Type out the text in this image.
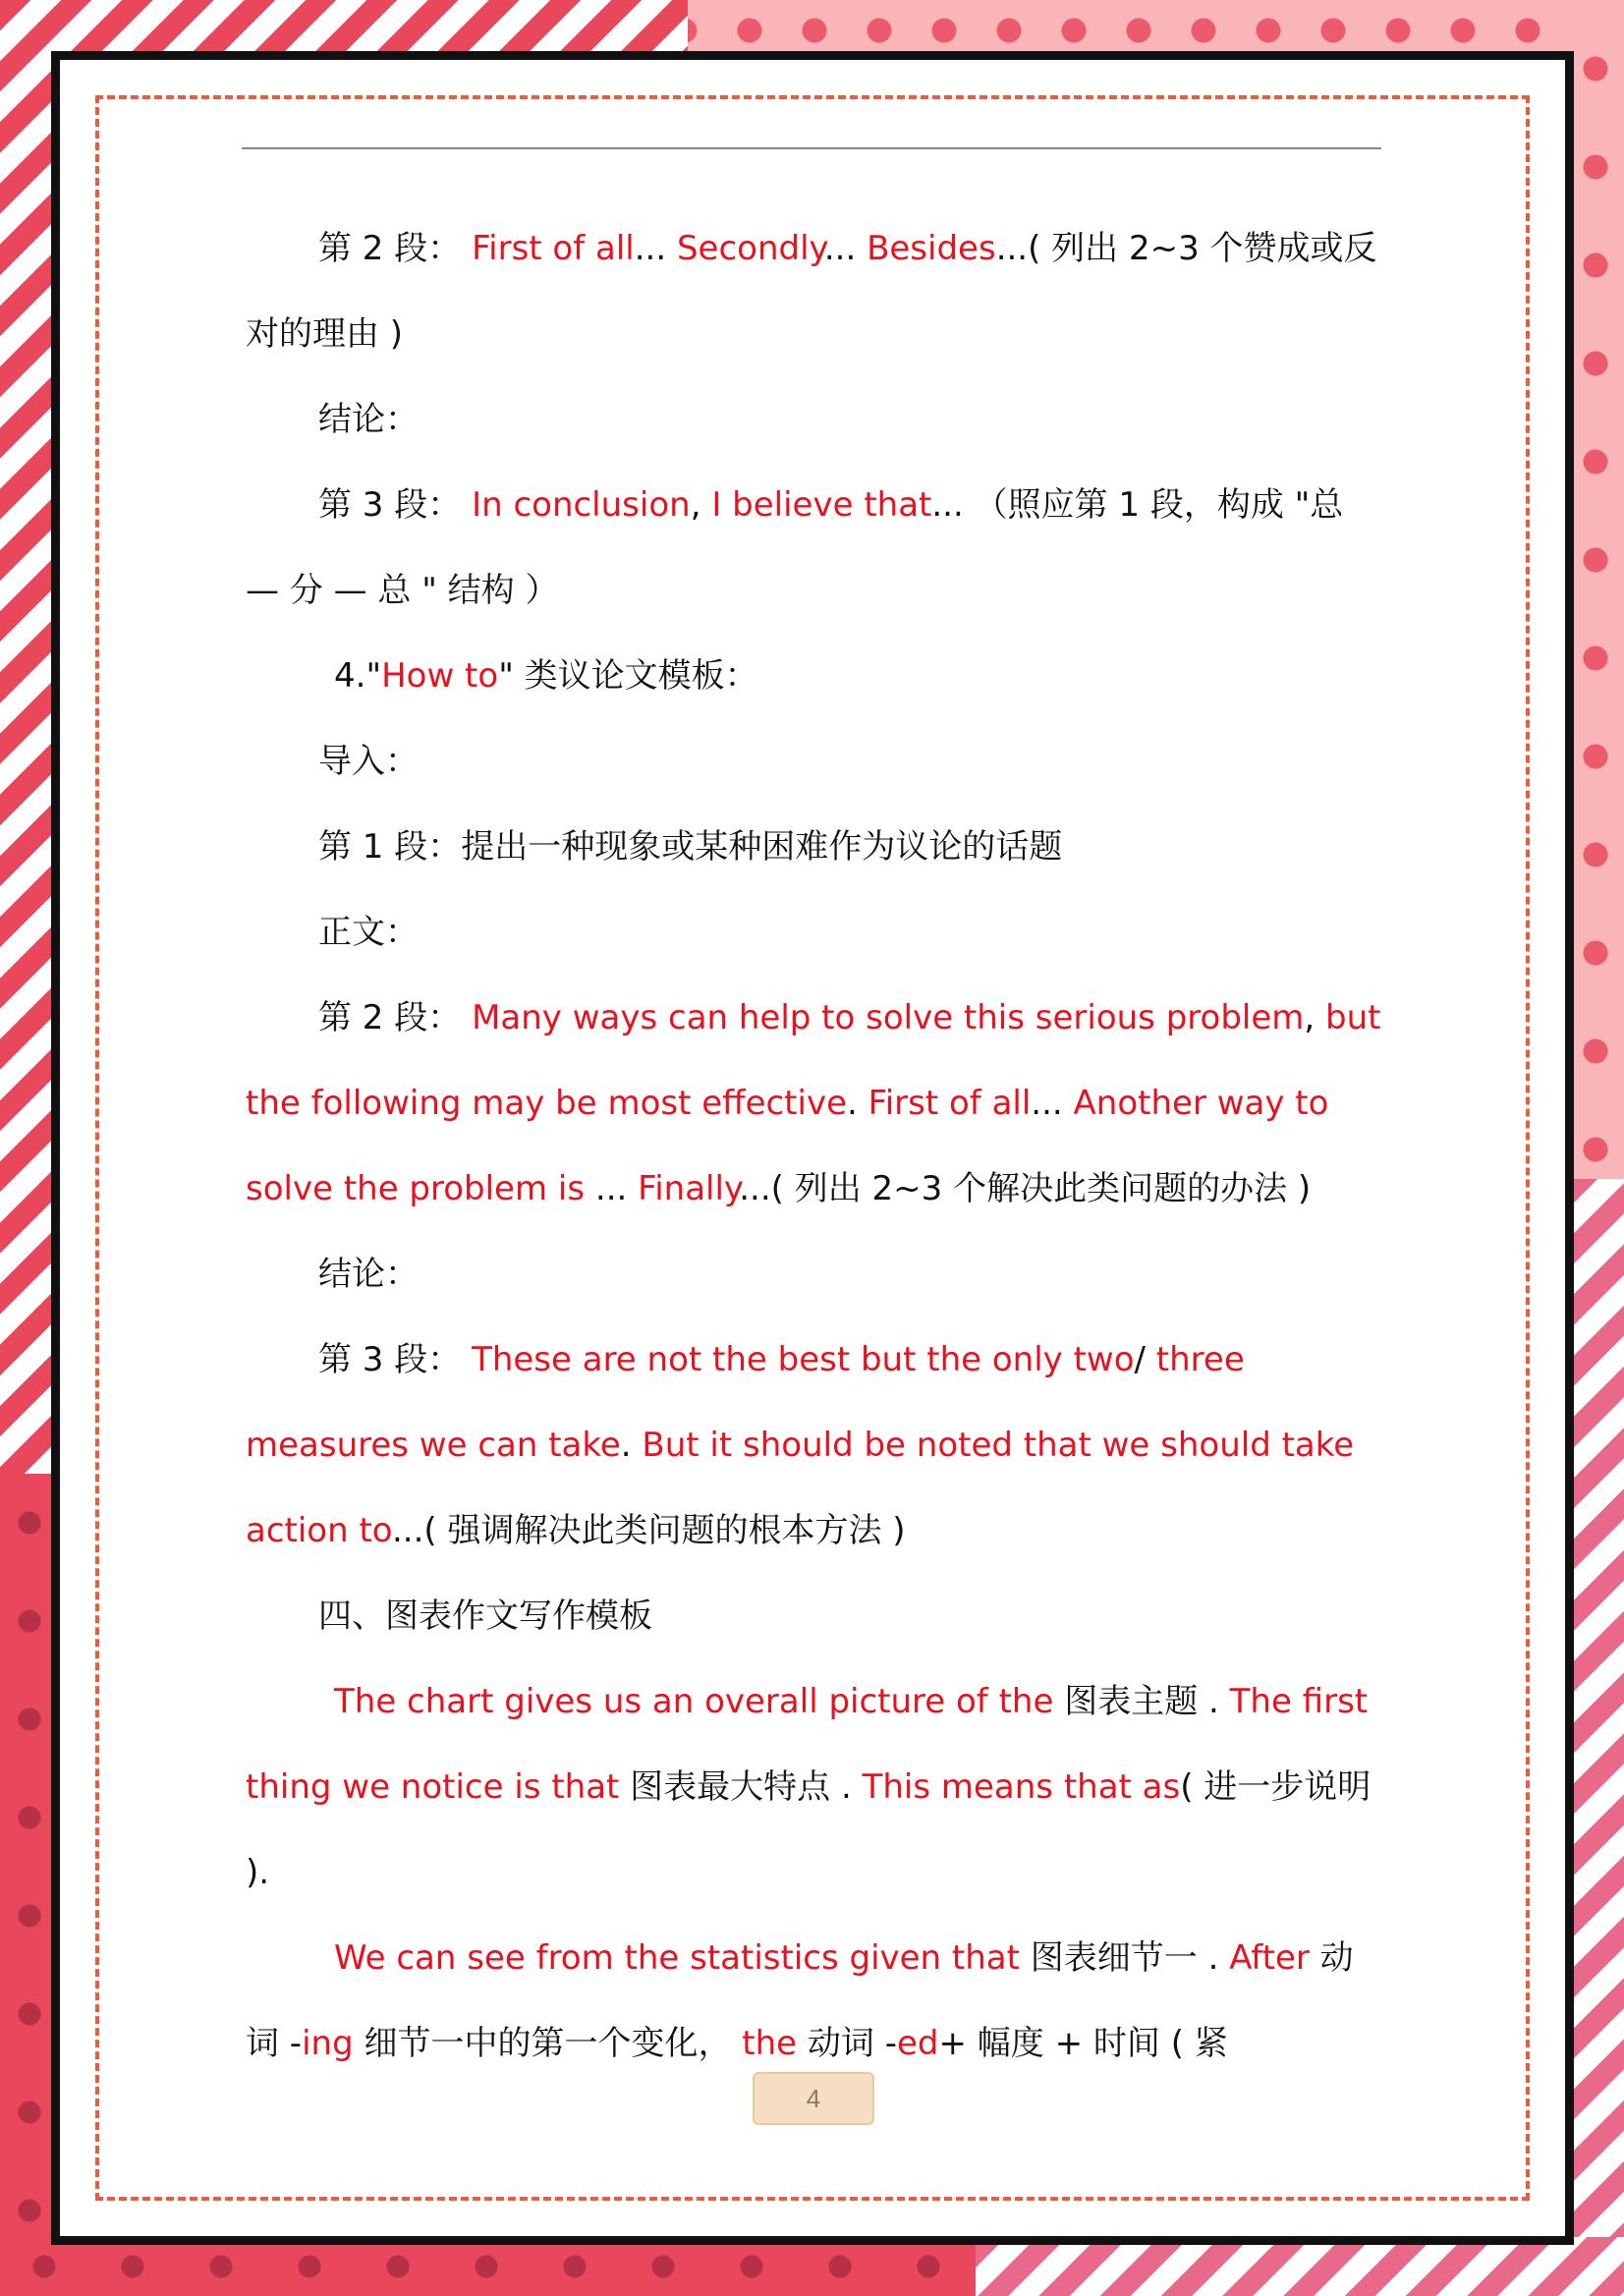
第 2 段： First of all... Secondly... Besides...( 列出 2~3 个赞成或反对的理由 )

结论：

第 3 段： In conclusion, I believe that... （照应第 1 段，构成 "总 — 分 — 总 " 结构 ）

4."How to" 类议论文模板：

导入：

第 1 段：提出一种现象或某种困难作为议论的话题

正文：

第 2 段： Many ways can help to solve this serious problem, but the following may be most effective. First of all... Another way to solve the problem is ... Finally...( 列出 2~3 个解决此类问题的办法 )

结论：

第 3 段： These are not the best but the only two/ three measures we can take. But it should be noted that we should take action to...( 强调解决此类问题的根本方法 )

四、图表作文写作模板

The chart gives us an overall picture of the 图表主题 . The first thing we notice is that 图表最大特点 . This means that as( 进一步说明 ).

We can see from the statistics given that 图表细节一 . After 动词 -ing 细节一中的第一个变化， the 动词 -ed+ 幅度 + 时间 ( 紧

4
